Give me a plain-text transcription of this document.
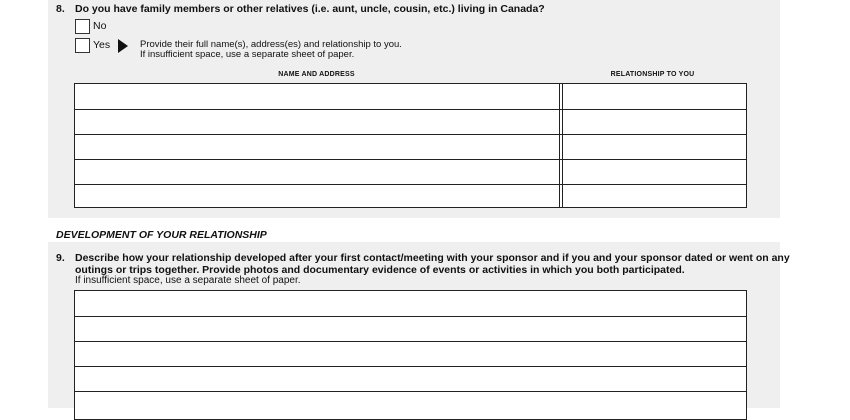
8. Do you have family members or other relatives (i.e. aunt, uncle, cousin, etc.) living in Canada?
No
Yes	Provide their full name(s), address(es) and relationship to you.
If insufficient space, use a separate sheet of paper.
NAME AND ADDRESS	RELATIONSHIP TO YOU
DEVELOPMENT OF YOUR RELATIONSHIP
9. Describe how your relationship developed after your first contact/meeting with your sponsor and if you and your sponsor dated or went on any
outings or trips together. Provide photos and documentary evidence of events or activities in which you both participated.
If insufficient space, use a separate sheet of paper.
